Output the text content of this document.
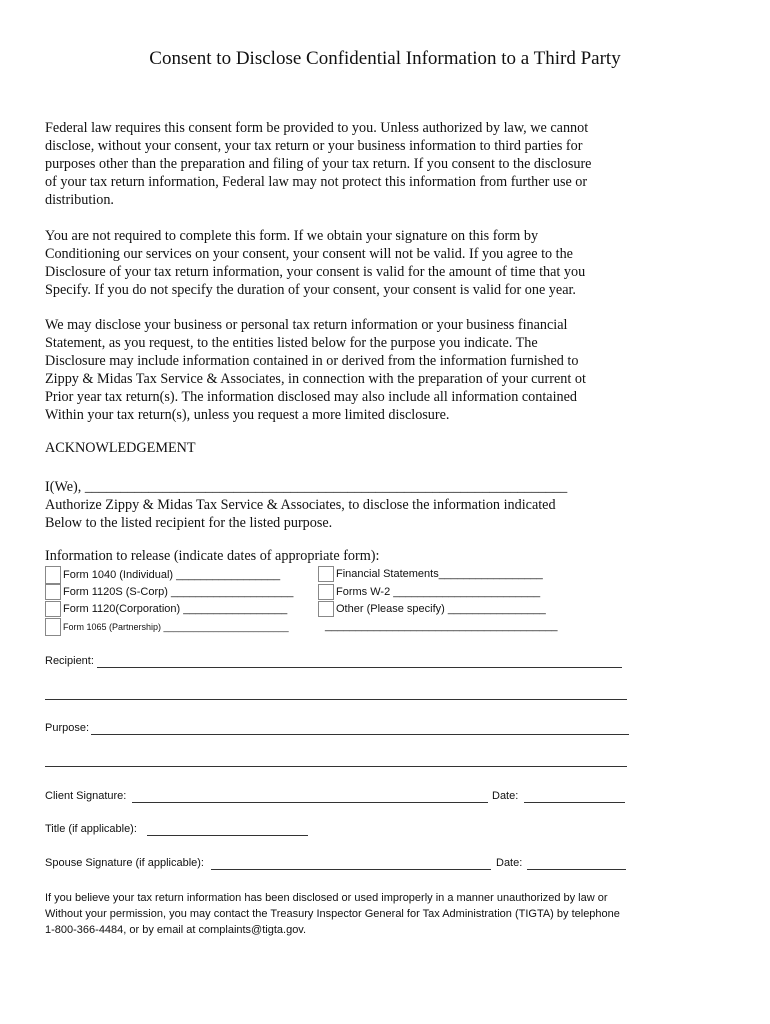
Consent to Disclose Confidential Information to a Third Party
Federal law requires this consent form be provided to you. Unless authorized by law, we cannot
disclose, without your consent, your tax return or your business information to third parties for
purposes other than the preparation and filing of your tax return. If you consent to the disclosure
of your tax return information, Federal law may not protect this information from further use or
distribution.
You are not required to complete this form. If we obtain your signature on this form by
Conditioning our services on your consent, your consent will not be valid. If you agree to the
Disclosure of your tax return information, your consent is valid for the amount of time that you
Specify. If you do not specify the duration of your consent, your consent is valid for one year.
We may disclose your business or personal tax return information or your business financial
Statement, as you request, to the entities listed below for the purpose you indicate. The
Disclosure may include information contained in or derived from the information furnished to
Zippy & Midas Tax Service & Associates, in connection with the preparation of your current ot
Prior year tax return(s). The information disclosed may also include all information contained
Within your tax return(s), unless you request a more limited disclosure.
ACKNOWLEDGEMENT
I(We), ____________________________________________________________________
Authorize Zippy & Midas Tax Service & Associates, to disclose the information indicated
Below to the listed recipient for the listed purpose.
Information to release (indicate dates of appropriate form):
Form 1040 (Individual) _________________
Form 1120S (S-Corp) ____________________
Form 1120(Corporation) _________________
Form 1065 (Partnership) _________________________
Financial Statements_________________
Forms W-2 ________________________
Other (Please specify) ________________
______________________________________
Recipient:
Purpose:
Client Signature:	Date:
Title (if applicable):
Spouse Signature (if applicable):	Date:
If you believe your tax return information has been disclosed or used improperly in a manner unauthorized by law or
Without your permission, you may contact the Treasury Inspector General for Tax Administration (TIGTA) by telephone
1-800-366-4484, or by email at complaints@tigta.gov.
